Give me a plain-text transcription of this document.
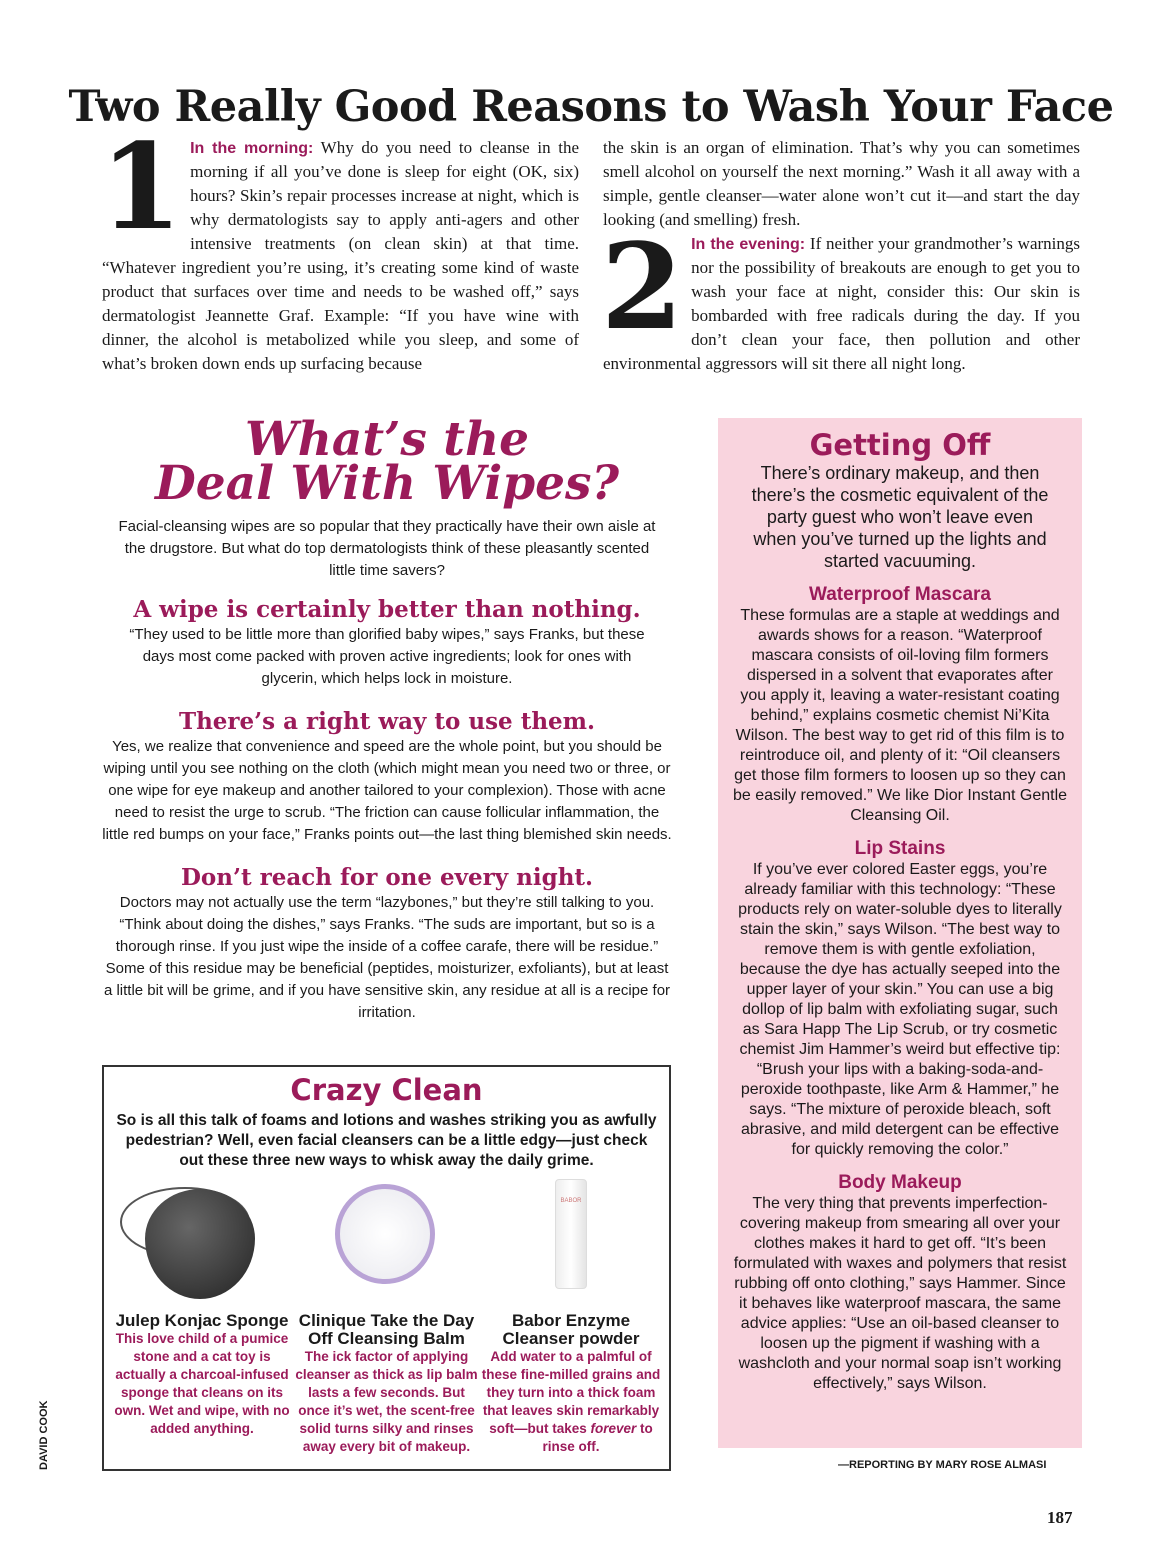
Two Really Good Reasons to Wash Your Face
1 In the morning: Why do you need to cleanse in the morning if all you’ve done is sleep for eight (OK, six) hours? Skin’s repair processes increase at night, which is why dermatologists say to apply anti-agers and other intensive treatments (on clean skin) at that time. “Whatever ingredient you’re using, it’s creating some kind of waste product that surfaces over time and needs to be washed off,” says dermatologist Jeannette Graf. Example: “If you have wine with dinner, the alcohol is metabolized while you sleep, and some of what’s broken down ends up surfacing because

the skin is an organ of elimination. That’s why you can sometimes smell alcohol on yourself the next morning.” Wash it all away with a simple, gentle cleanser—water alone won’t cut it—and start the day looking (and smelling) fresh.

2 In the evening: If neither your grandmother’s warnings nor the possibility of breakouts are enough to get you to wash your face at night, consider this: Our skin is bombarded with free radicals during the day. If you don’t clean your face, then pollution and other environmental aggressors will sit there all night long.
What’s the
Deal With Wipes?

Facial-cleansing wipes are so popular that they practically have their own aisle at the drugstore. But what do top dermatologists think of these pleasantly scented little time savers?

A wipe is certainly better than nothing.

“They used to be little more than glorified baby wipes,” says Franks, but these days most come packed with proven active ingredients; look for ones with glycerin, which helps lock in moisture.

There’s a right way to use them.

Yes, we realize that convenience and speed are the whole point, but you should be wiping until you see nothing on the cloth (which might mean you need two or three, or one wipe for eye makeup and another tailored to your complexion). Those with acne need to resist the urge to scrub. “The friction can cause follicular inflammation, the little red bumps on your face,” Franks points out—the last thing blemished skin needs.

Don’t reach for one every night.

Doctors may not actually use the term “lazybones,” but they’re still talking to you. “Think about doing the dishes,” says Franks. “The suds are important, but so is a thorough rinse. If you just wipe the inside of a coffee carafe, there will be residue.” Some of this residue may be beneficial (peptides, moisturizer, exfoliants), but at least a little bit will be grime, and if you have sensitive skin, any residue at all is a recipe for irritation.

Getting Off

There’s ordinary makeup, and then there’s the cosmetic equivalent of the party guest who won’t leave even when you’ve turned up the lights and started vacuuming.

Waterproof Mascara

These formulas are a staple at weddings and awards shows for a reason. “Waterproof mascara consists of oil-loving film formers dispersed in a solvent that evaporates after you apply it, leaving a water-resistant coating behind,” explains cosmetic chemist Ni’Kita Wilson. The best way to get rid of this film is to reintroduce oil, and plenty of it: “Oil cleansers get those film formers to loosen up so they can be easily removed.” We like Dior Instant Gentle Cleansing Oil.

Lip Stains

If you’ve ever colored Easter eggs, you’re already familiar with this technology: “These products rely on water-soluble dyes to literally stain the skin,” says Wilson. “The best way to remove them is with gentle exfoliation, because the dye has actually seeped into the upper layer of your skin.” You can use a big dollop of lip balm with exfoliating sugar, such as Sara Happ The Lip Scrub, or try cosmetic chemist Jim Hammer’s weird but effective tip: “Brush your lips with a baking-soda-and-peroxide toothpaste, like Arm & Hammer,” he says. “The mixture of peroxide bleach, soft abrasive, and mild detergent can be effective for quickly removing the color.”

Body Makeup

The very thing that prevents imperfection-covering makeup from smearing all over your clothes makes it hard to get off. “It’s been formulated with waxes and polymers that resist rubbing off onto clothing,” says Hammer. Since it behaves like waterproof mascara, the same advice applies: “Use an oil-based cleanser to loosen up the pigment if washing with a washcloth and your normal soap isn’t working effectively,” says Wilson.

Crazy Clean

So is all this talk of foams and lotions and washes striking you as awfully pedestrian? Well, even facial cleansers can be a little edgy—just check out these three new ways to whisk away the daily grime.

Julep Konjac Sponge

This love child of a pumice stone and a cat toy is actually a charcoal-infused sponge that cleans on its own. Wet and wipe, with no added anything.

Clinique Take the Day Off Cleansing Balm

The ick factor of applying cleanser as thick as lip balm lasts a few seconds. But once it’s wet, the scent-free solid turns silky and rinses away every bit of makeup.

BABOR
Babor Enzyme Cleanser powder

Add water to a palmful of these fine-milled grains and they turn into a thick foam that leaves skin remarkably soft—but takes forever to rinse off.

—REPORTING BY MARY ROSE ALMASI
DAVID COOK
187
